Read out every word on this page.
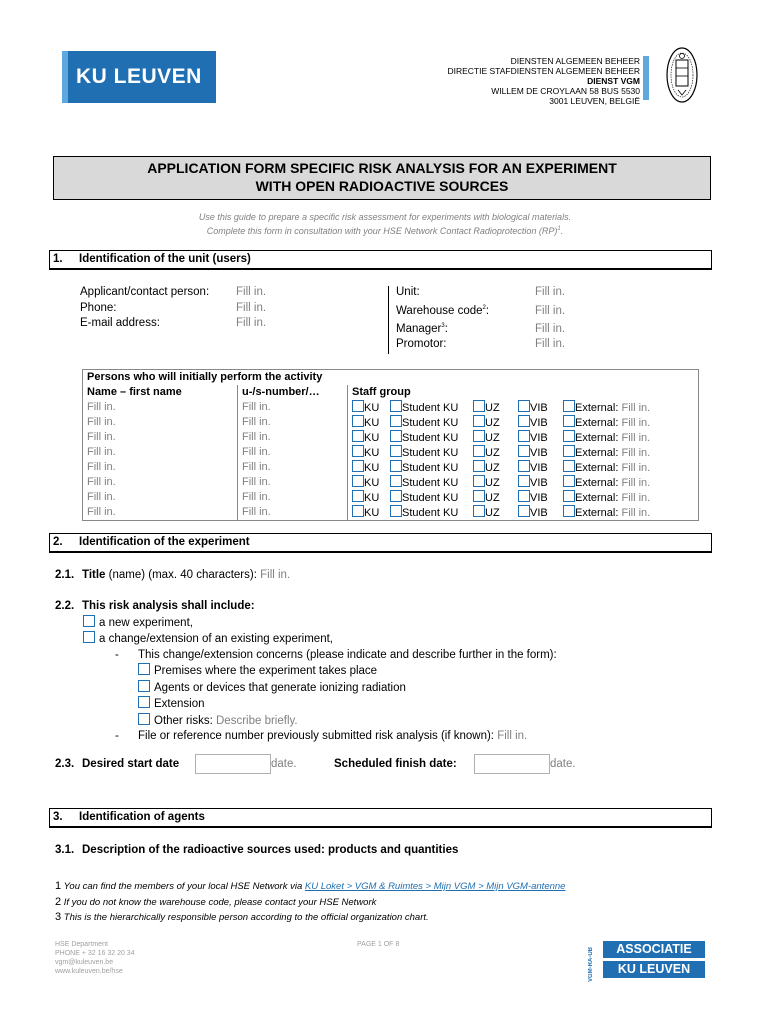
KU LEUVEN
DIENSTEN ALGEMEEN BEHEER
DIRECTIE STAFDIENSTEN ALGEMEEN BEHEER
DIENST VGM
WILLEM DE CROYLAAN 58 BUS 5530
3001 LEUVEN, BELGIË
APPLICATION FORM SPECIFIC RISK ANALYSIS FOR AN EXPERIMENT
WITH OPEN RADIOACTIVE SOURCES
Use this guide to prepare a specific risk assessment for experiments with biological materials.
Complete this form in consultation with your HSE Network Contact Radioprotection (RP)$^1$.
1. Identification of the unit (users)
Applicant/contact person: Fill in.
Phone:	Fill in.
E-mail address:	Fill in.
Unit:	Fill in.
Warehouse code$^2$:	Fill in.
Manager$^3$:	Fill in.
Promotor:	Fill in.
Persons who will initially perform the activity		
Name – first name	u-/s-number/…	Staff group
Fill in.	Fill in.	KU Student KU UZ VIB External: Fill in.
Fill in.	Fill in.	KU Student KU UZ VIB External: Fill in.
Fill in.	Fill in.	KU Student KU UZ VIB External: Fill in.
Fill in.	Fill in.	KU Student KU UZ VIB External: Fill in.
Fill in.	Fill in.	KU Student KU UZ VIB External: Fill in.
Fill in.	Fill in.	KU Student KU UZ VIB External: Fill in.
Fill in.	Fill in.	KU Student KU UZ VIB External: Fill in.
Fill in.	Fill in.	KU Student KU UZ VIB External: Fill in.
2. Identification of the experiment
2.1. Title (name) (max. 40 characters): Fill in.
2.2. This risk analysis shall include:
a new experiment,
a change/extension of an existing experiment,
- This change/extension concerns (please indicate and describe further in the form):
Premises where the experiment takes place
Agents or devices that generate ionizing radiation
Extension
Other risks: Describe briefly.
- File or reference number previously submitted risk analysis (if known): Fill in.
2.3. Desired start date	date.	Scheduled finish date:	date.
3. Identification of agents
3.1. Description of the radioactive sources used: products and quantities
1 You can find the members of your local HSE Network via KU Loket > VGM & Ruimtes > Mijn VGM > Mijn VGM-antenne
2 If you do not know the warehouse code, please contact your HSE Network
3 This is the hierarchically responsible person according to the official organization chart.
HSE Department
PHONE + 32 16 32 20 34
vgm@kuleuven.be
www.kuleuven.be/hse
PAGE 1 OF 8
VGM-RA-UB	ASSOCIATIE
KU LEUVEN
